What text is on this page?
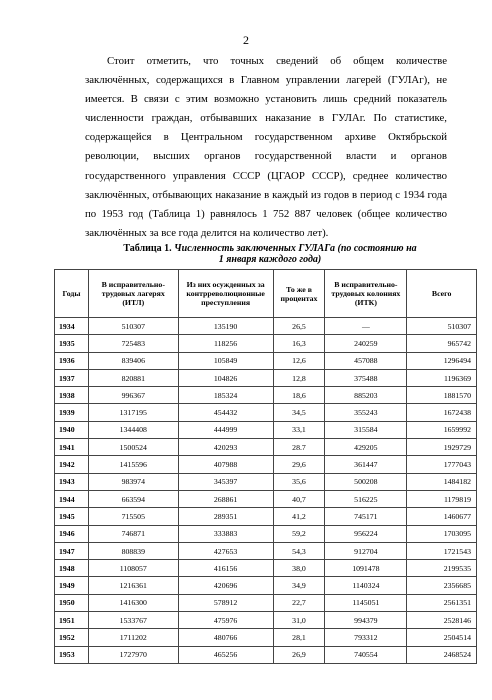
2

Стоит отметить, что точных сведений об общем количестве заключённых, содержащихся в Главном управлении лагерей (ГУЛАг), не имеется. В связи с этим возможно установить лишь средний показатель численности граждан, отбывавших наказание в ГУЛАг. По статистике, содержащейся в Центральном государственном архиве Октябрьской революции, высших органов государственной власти и органов государственного управления СССР (ЦГАОР СССР), среднее количество заключённых, отбывающих наказание в каждый из годов в период с 1934 года по 1953 год (Таблица 1) равнялось 1 752 887 человек (общее количество заключённых за все года делится на количество лет).

Таблица 1. Численность заключенных ГУЛАГа (по состоянию на 1 января каждого года)
Годы	В исправительно-трудовых лагерях (ИТЛ)	Из них осужденных за контрреволюционные преступления	То же в процентах	В исправительно-трудовых колониях (ИТК)	Всего
1934	510307	135190	26,5	—	510307
1935	725483	118256	16,3	240259	965742
1936	839406	105849	12,6	457088	1296494
1937	820881	104826	12,8	375488	1196369
1938	996367	185324	18,6	885203	1881570
1939	1317195	454432	34,5	355243	1672438
1940	1344408	444999	33,1	315584	1659992
1941	1500524	420293	28.7	429205	1929729
1942	1415596	407988	29,6	361447	1777043
1943	983974	345397	35,6	500208	1484182
1944	663594	268861	40,7	516225	1179819
1945	715505	289351	41,2	745171	1460677
1946	746871	333883	59,2	956224	1703095
1947	808839	427653	54,3	912704	1721543
1948	1108057	416156	38,0	1091478	2199535
1949	1216361	420696	34,9	1140324	2356685
1950	1416300	578912	22,7	1145051	2561351
1951	1533767	475976	31,0	994379	2528146
1952	1711202	480766	28,1	793312	2504514
1953	1727970	465256	26,9	740554	2468524
